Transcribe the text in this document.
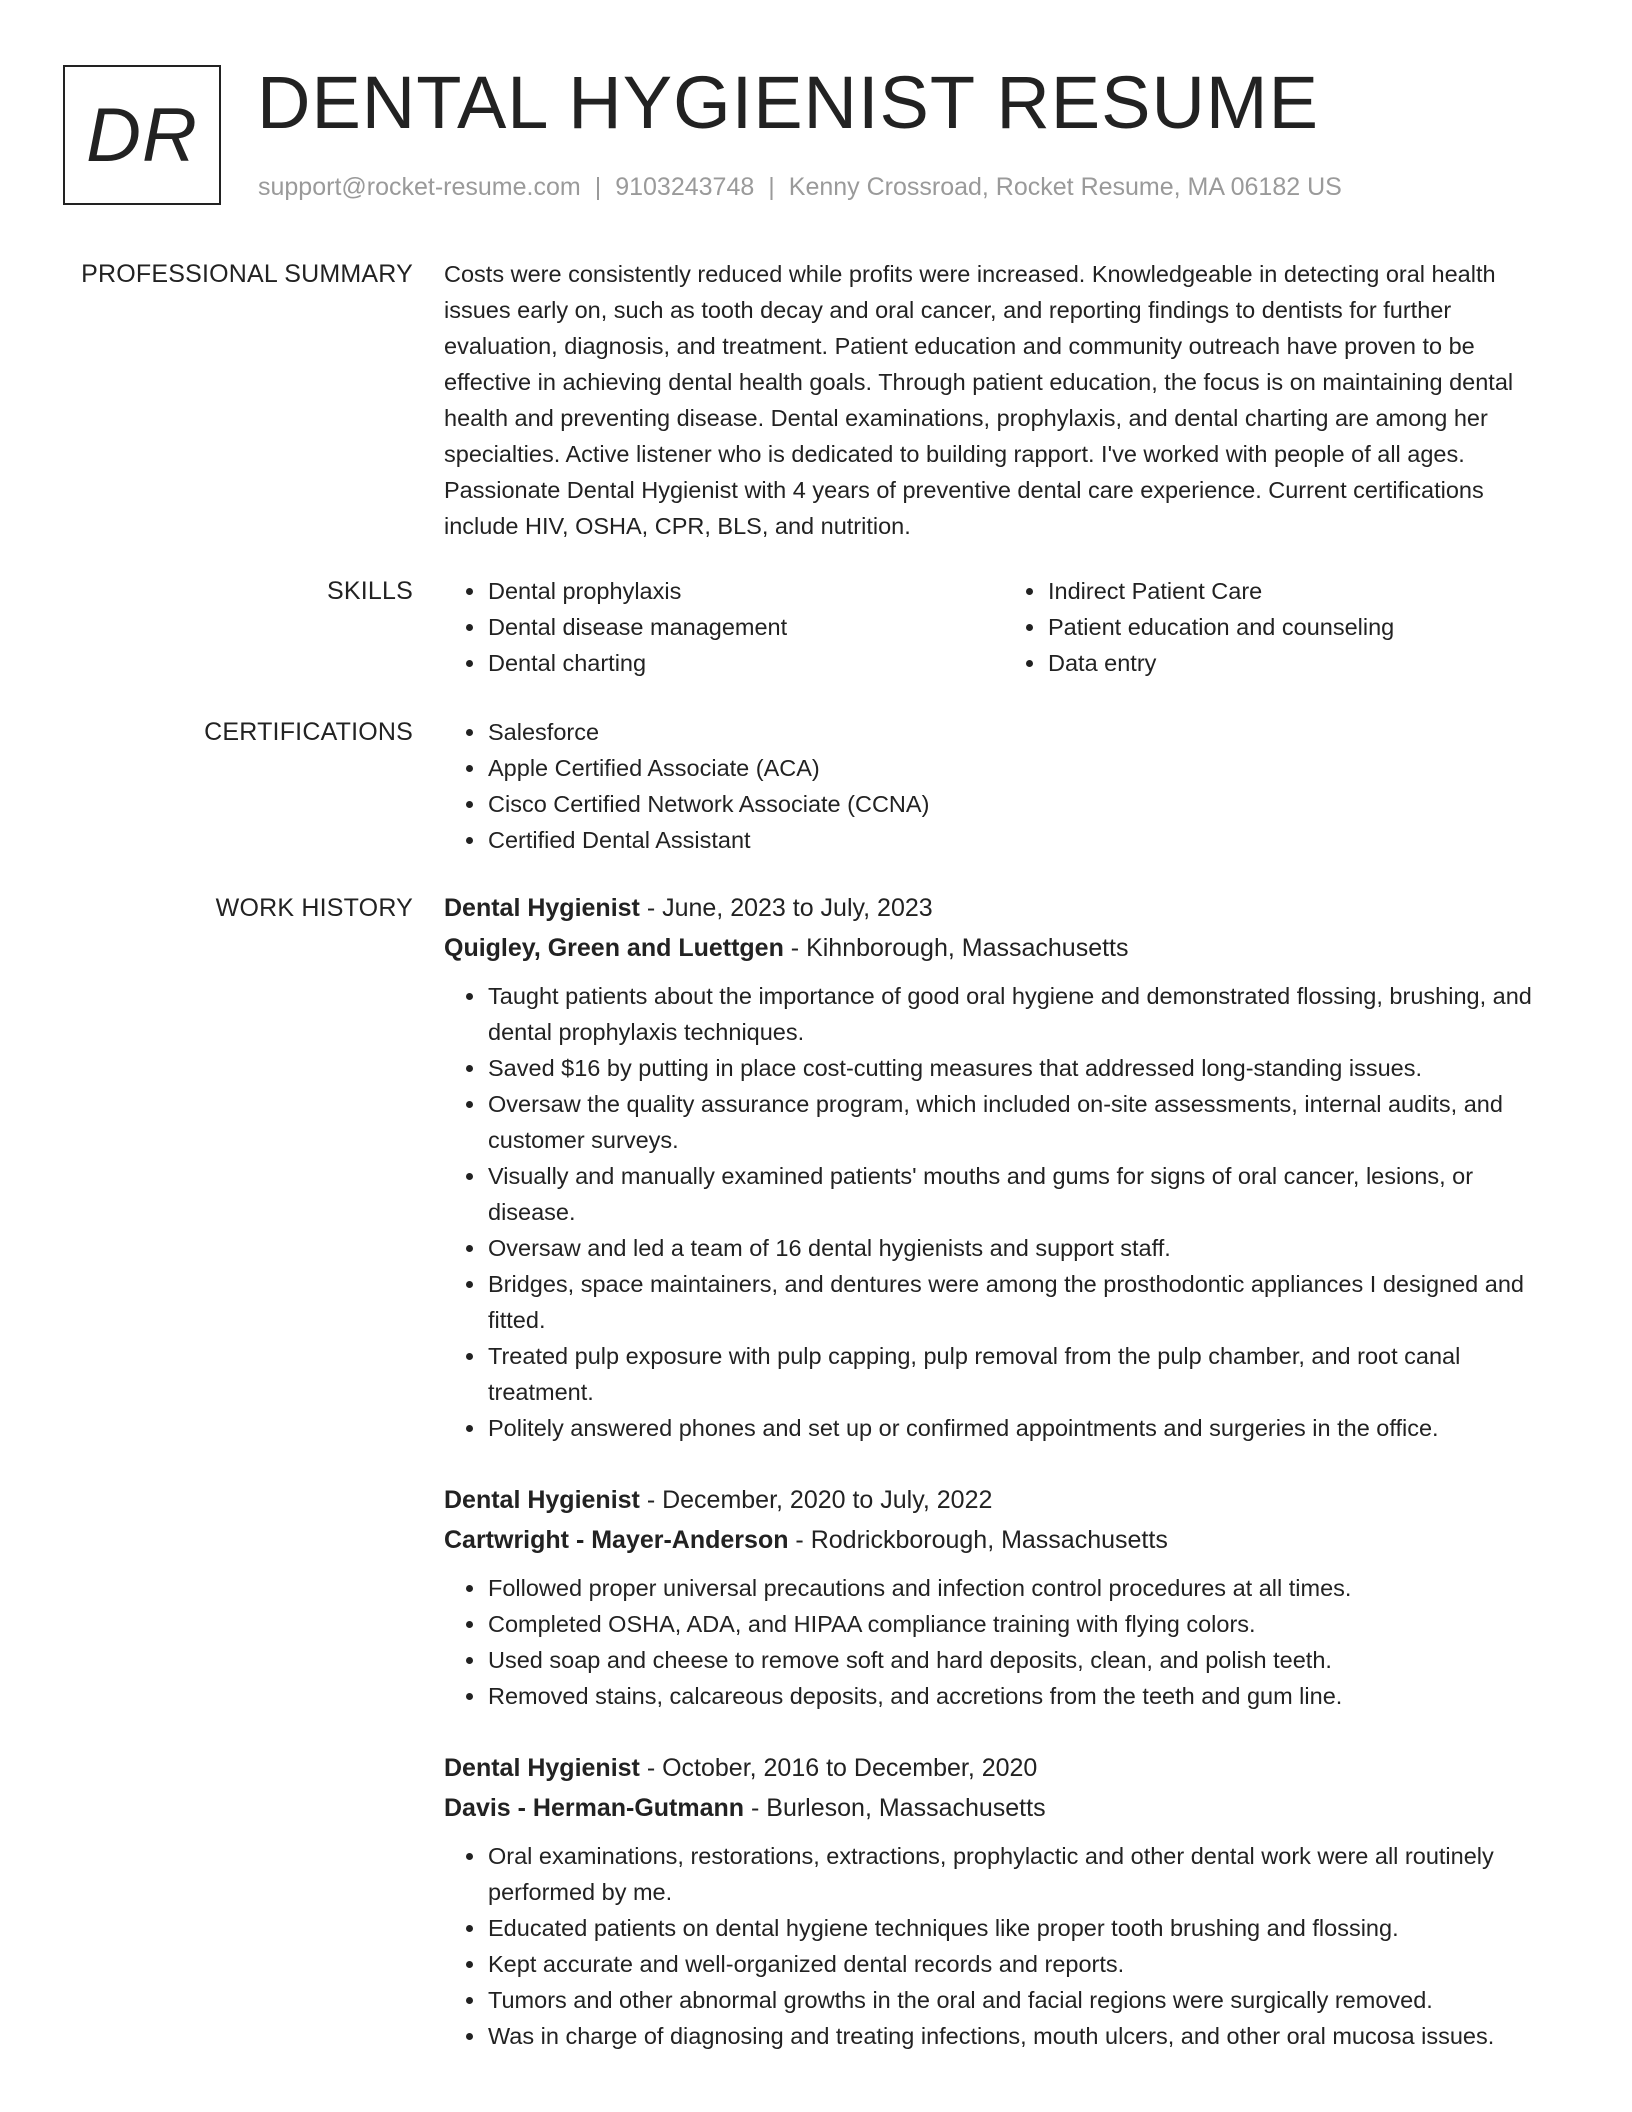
DR DENTAL HYGIENIST RESUME
support@rocket-resume.com | 9103243748 | Kenny Crossroad, Rocket Resume, MA 06182 US
PROFESSIONAL SUMMARY Costs were consistently reduced while profits were increased. Knowledgeable in detecting oral health issues early on, such as tooth decay and oral cancer, and reporting findings to dentists for further evaluation, diagnosis, and treatment. Patient education and community outreach have proven to be effective in achieving dental health goals. Through patient education, the focus is on maintaining dental health and preventing disease. Dental examinations, prophylaxis, and dental charting are among her specialties. Active listener who is dedicated to building rapport. I've worked with people of all ages. Passionate Dental Hygienist with 4 years of preventive dental care experience. Current certifications include HIV, OSHA, CPR, BLS, and nutrition.

SKILLS	• Dental prophylaxis
• Dental disease management
• Dental charting
• Indirect Patient Care
• Patient education and counseling
• Data entry
CERTIFICATIONS	• Salesforce
• Apple Certified Associate (ACA)
• Cisco Certified Network Associate (CCNA)
• Certified Dental Assistant
WORK HISTORY Dental Hygienist - June, 2023 to July, 2023
Quigley, Green and Luettgen - Kihnborough, Massachusetts
• Taught patients about the importance of good oral hygiene and demonstrated flossing, brushing, and dental prophylaxis techniques.
• Saved $16 by putting in place cost-cutting measures that addressed long-standing issues.
• Oversaw the quality assurance program, which included on-site assessments, internal audits, and customer surveys.
• Visually and manually examined patients' mouths and gums for signs of oral cancer, lesions, or disease.
• Oversaw and led a team of 16 dental hygienists and support staff.
• Bridges, space maintainers, and dentures were among the prosthodontic appliances I designed and fitted.
• Treated pulp exposure with pulp capping, pulp removal from the pulp chamber, and root canal treatment.
• Politely answered phones and set up or confirmed appointments and surgeries in the office.
Dental Hygienist - December, 2020 to July, 2022
Cartwright - Mayer-Anderson - Rodrickborough, Massachusetts
• Followed proper universal precautions and infection control procedures at all times.
• Completed OSHA, ADA, and HIPAA compliance training with flying colors.
• Used soap and cheese to remove soft and hard deposits, clean, and polish teeth.
• Removed stains, calcareous deposits, and accretions from the teeth and gum line.
Dental Hygienist - October, 2016 to December, 2020
Davis - Herman-Gutmann - Burleson, Massachusetts
• Oral examinations, restorations, extractions, prophylactic and other dental work were all routinely performed by me.
• Educated patients on dental hygiene techniques like proper tooth brushing and flossing.
• Kept accurate and well-organized dental records and reports.
• Tumors and other abnormal growths in the oral and facial regions were surgically removed.
• Was in charge of diagnosing and treating infections, mouth ulcers, and other oral mucosa issues.
